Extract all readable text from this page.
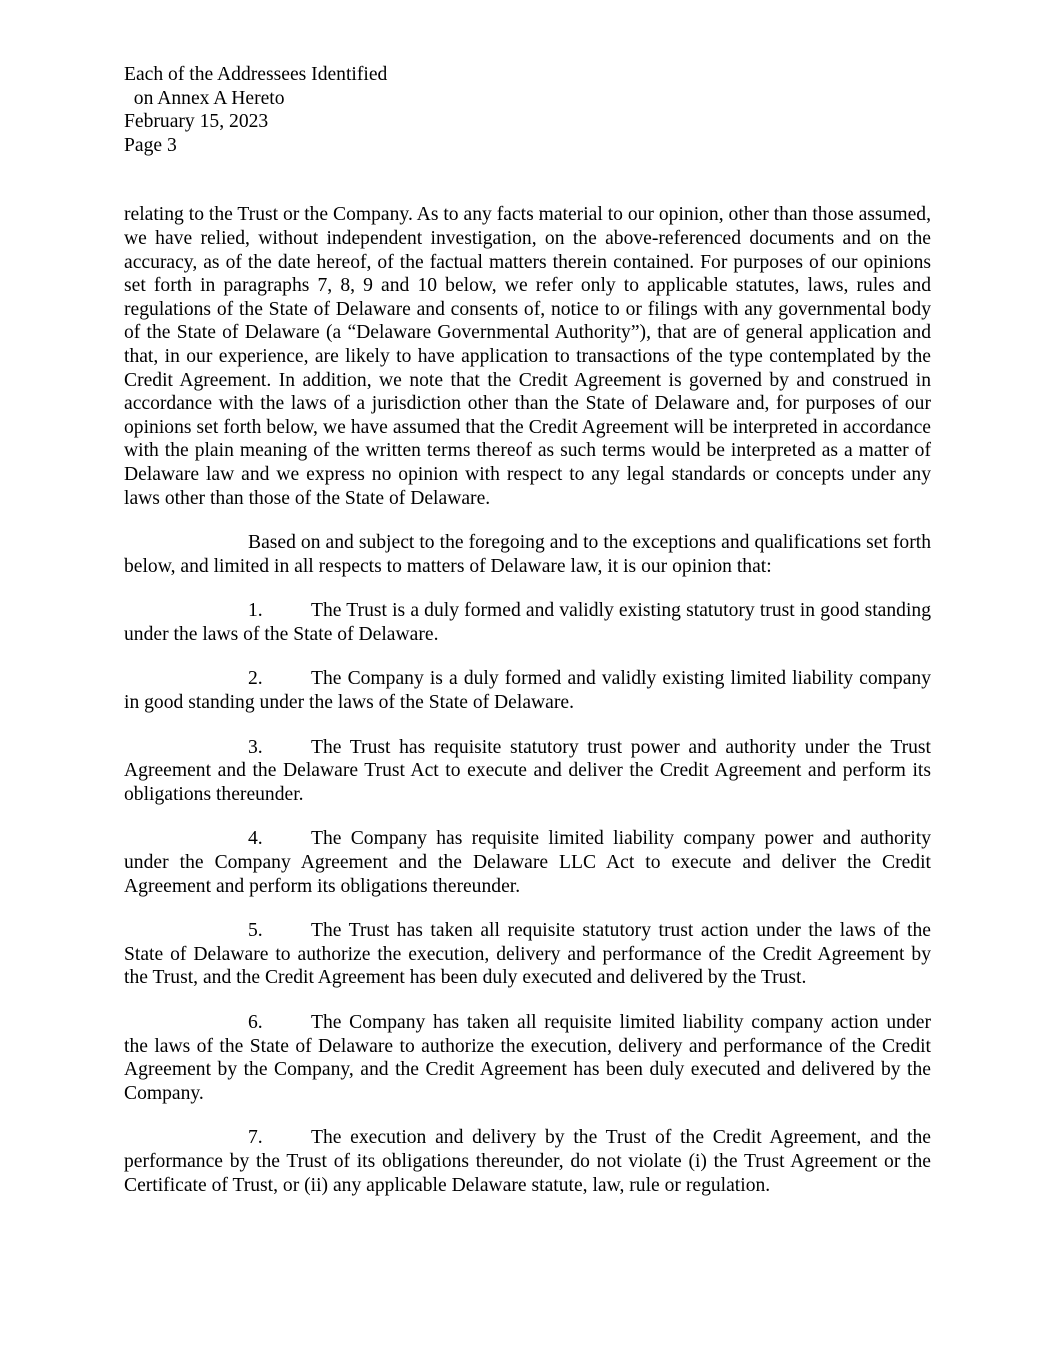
Each of the Addressees Identified
on Annex A Hereto
February 15, 2023
Page 3

relating to the Trust or the Company. As to any facts material to our opinion, other than those assumed, we have relied, without independent investigation, on the above-referenced documents and on the accuracy, as of the date hereof, of the factual matters therein contained. For purposes of our opinions set forth in paragraphs 7, 8, 9 and 10 below, we refer only to applicable statutes, laws, rules and regulations of the State of Delaware and consents of, notice to or filings with any governmental body of the State of Delaware (a “Delaware Governmental Authority”), that are of general application and that, in our experience, are likely to have application to transactions of the type contemplated by the Credit Agreement. In addition, we note that the Credit Agreement is governed by and construed in accordance with the laws of a jurisdiction other than the State of Delaware and, for purposes of our opinions set forth below, we have assumed that the Credit Agreement will be interpreted in accordance with the plain meaning of the written terms thereof as such terms would be interpreted as a matter of Delaware law and we express no opinion with respect to any legal standards or concepts under any laws other than those of the State of Delaware.

Based on and subject to the foregoing and to the exceptions and qualifications set forth below, and limited in all respects to matters of Delaware law, it is our opinion that:

1. The Trust is a duly formed and validly existing statutory trust in good standing under the laws of the State of Delaware.

2. The Company is a duly formed and validly existing limited liability company in good standing under the laws of the State of Delaware.

3. The Trust has requisite statutory trust power and authority under the Trust Agreement and the Delaware Trust Act to execute and deliver the Credit Agreement and perform its obligations thereunder.

4. The Company has requisite limited liability company power and authority under the Company Agreement and the Delaware LLC Act to execute and deliver the Credit Agreement and perform its obligations thereunder.

5. The Trust has taken all requisite statutory trust action under the laws of the State of Delaware to authorize the execution, delivery and performance of the Credit Agreement by the Trust, and the Credit Agreement has been duly executed and delivered by the Trust.

6. The Company has taken all requisite limited liability company action under the laws of the State of Delaware to authorize the execution, delivery and performance of the Credit Agreement by the Company, and the Credit Agreement has been duly executed and delivered by the Company.

7. The execution and delivery by the Trust of the Credit Agreement, and the performance by the Trust of its obligations thereunder, do not violate (i) the Trust Agreement or the Certificate of Trust, or (ii) any applicable Delaware statute, law, rule or regulation.
